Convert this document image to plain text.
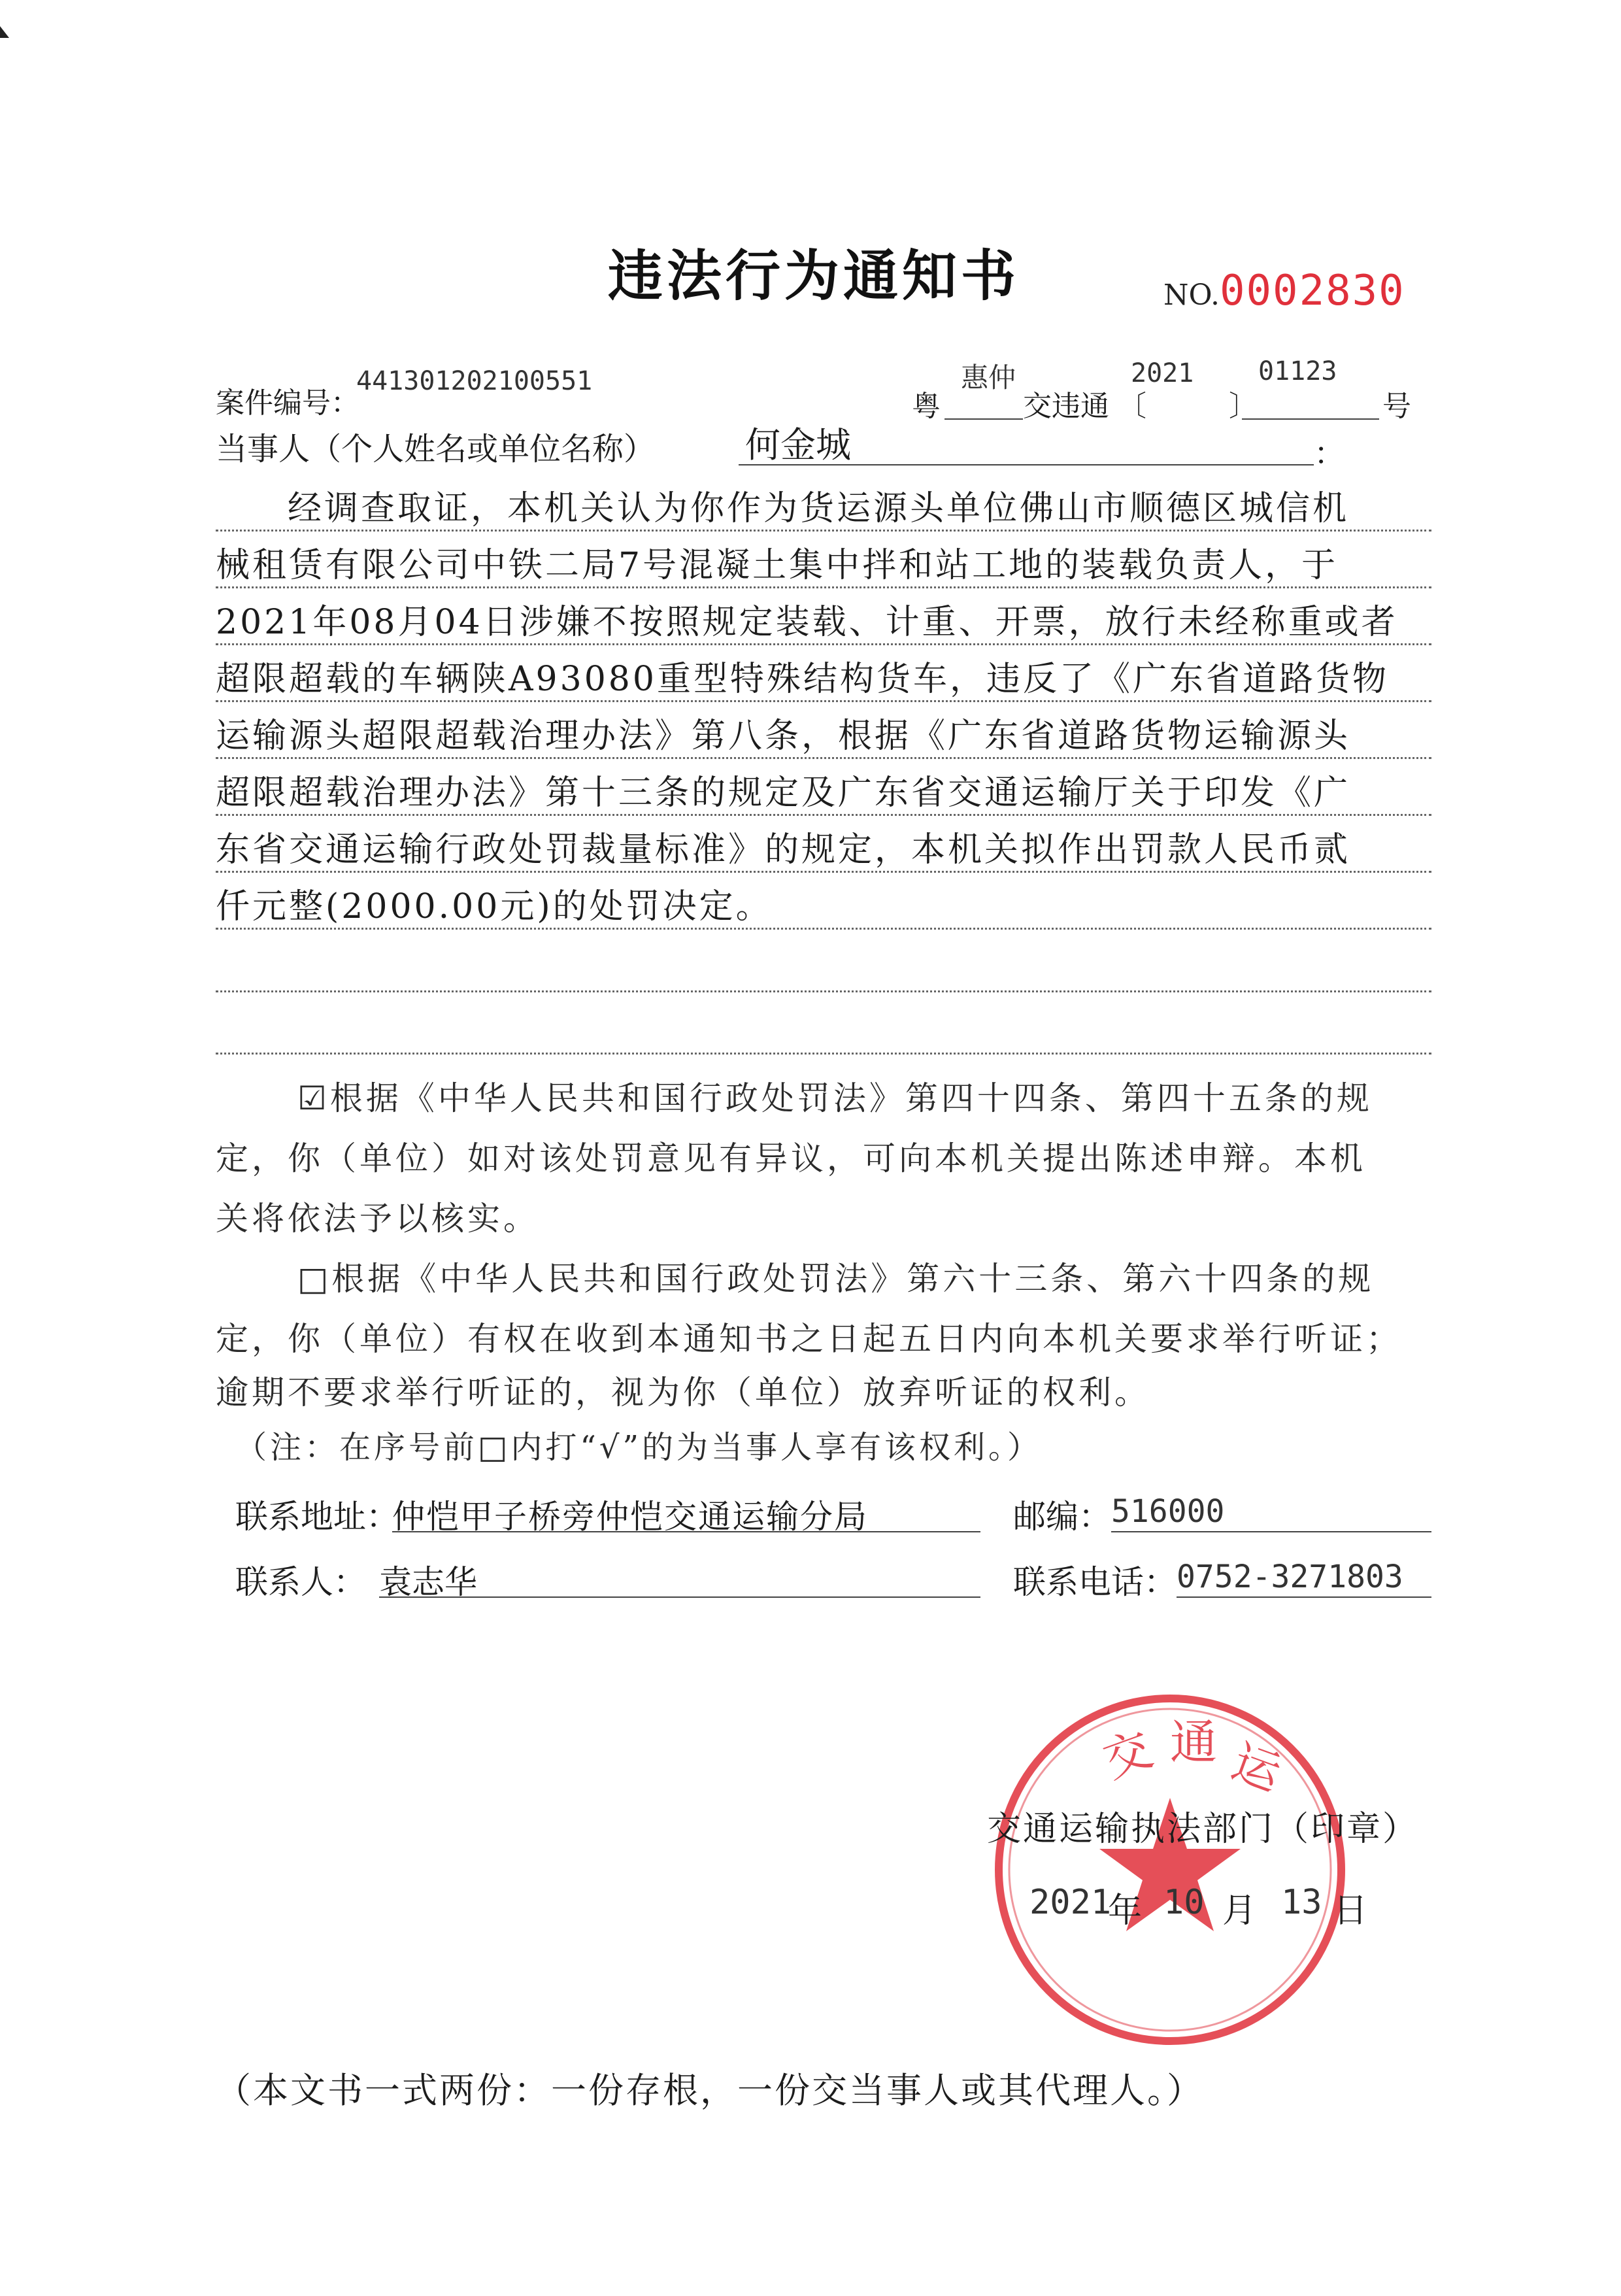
违法行为通知书	NO.0002830
案件编号：
441301202100551
粤
惠仲
交违通 〔
2021
〕
01123
号
当事人（个人姓名或单位名称）	何金城	：
经调查取证，本机关认为你作为货运源头单位佛山市顺德区城信机
械租赁有限公司中铁二局7号混凝土集中拌和站工地的装载负责人，于
2021年08月04日涉嫌不按照规定装载、计重、开票，放行未经称重或者
超限超载的车辆陕A93080重型特殊结构货车，违反了《广东省道路货物
运输源头超限超载治理办法》第八条，根据《广东省道路货物运输源头
超限超载治理办法》第十三条的规定及广东省交通运输厅关于印发《广
东省交通运输行政处罚裁量标准》的规定，本机关拟作出罚款人民币贰
仟元整(2000.00元)的处罚决定。
☑根据《中华人民共和国行政处罚法》第四十四条、第四十五条的规
定，你（单位）如对该处罚意见有异议，可向本机关提出陈述申辩。本机
关将依法予以核实。
□根据《中华人民共和国行政处罚法》第六十三条、第六十四条的规
定，你（单位）有权在收到本通知书之日起五日内向本机关要求举行听证；
逾期不要求举行听证的，视为你（单位）放弃听证的权利。
（注：在序号前□内打“√”的为当事人享有该权利。）
联系地址：
仲恺甲子桥旁仲恺交通运输分局	邮编： 516000
联系人： 袁志华	联系电话： 0752-3271803
交 通 运
交通运输执法部门（印章）
2021
年 10 月 13 日
（本文书一式两份：一份存根，一份交当事人或其代理人。）
